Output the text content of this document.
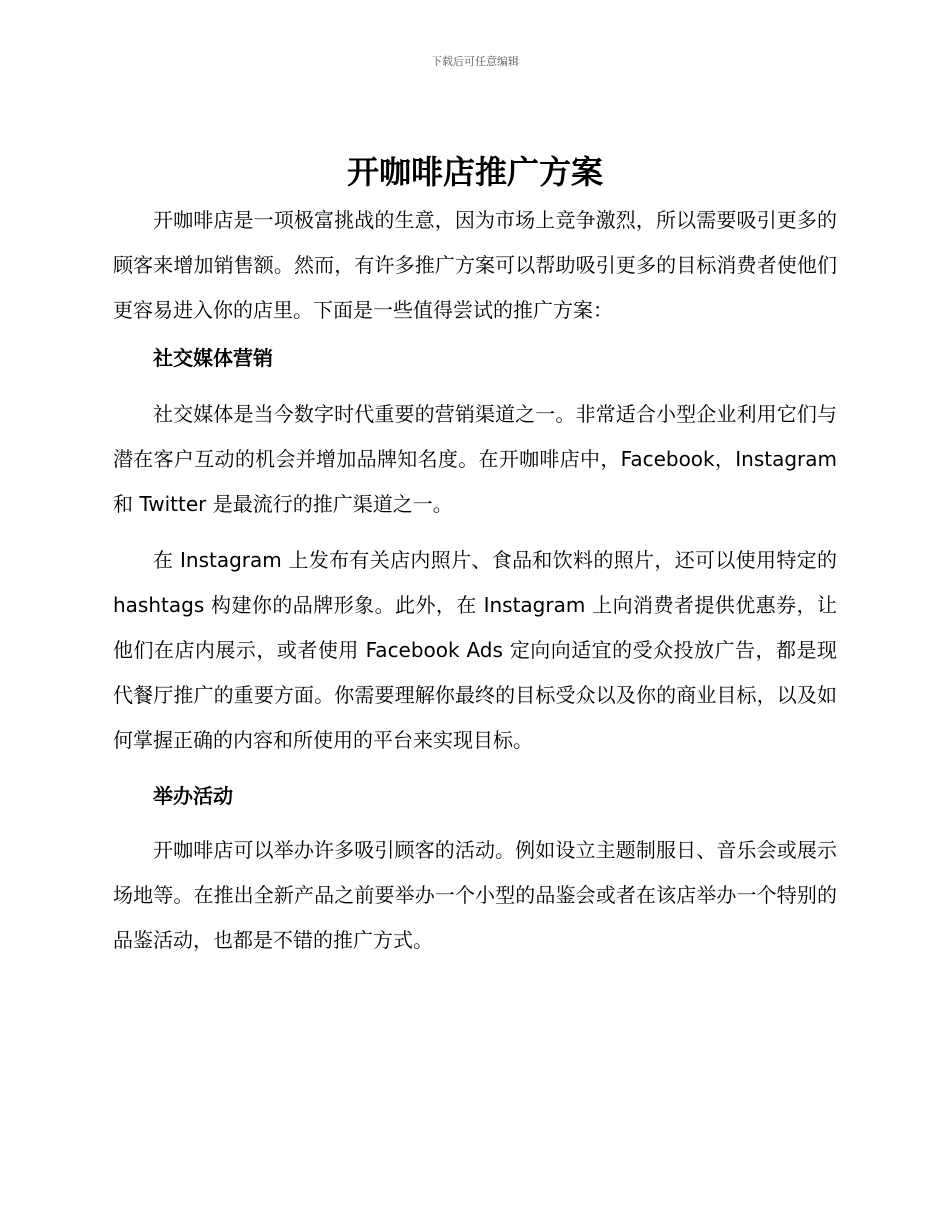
下载后可任意编辑
开咖啡店推广方案

开咖啡店是一项极富挑战的生意，因为市场上竞争激烈，所以需要吸引更多的顾客来增加销售额。然而，有许多推广方案可以帮助吸引更多的目标消费者使他们更容易进入你的店里。下面是一些值得尝试的推广方案：

社交媒体营销

社交媒体是当今数字时代重要的营销渠道之一。非常适合小型企业利用它们与潜在客户互动的机会并增加品牌知名度。在开咖啡店中，Facebook，Instagram 和 Twitter 是最流行的推广渠道之一。

在 Instagram 上发布有关店内照片、食品和饮料的照片，还可以使用特定的 hashtags 构建你的品牌形象。此外，在 Instagram 上向消费者提供优惠券，让他们在店内展示，或者使用 Facebook Ads 定向向适宜的受众投放广告，都是现代餐厅推广的重要方面。你需要理解你最终的目标受众以及你的商业目标，以及如何掌握正确的内容和所使用的平台来实现目标。

举办活动

开咖啡店可以举办许多吸引顾客的活动。例如设立主题制服日、音乐会或展示场地等。在推出全新产品之前要举办一个小型的品鉴会或者在该店举办一个特别的品鉴活动，也都是不错的推广方式。
